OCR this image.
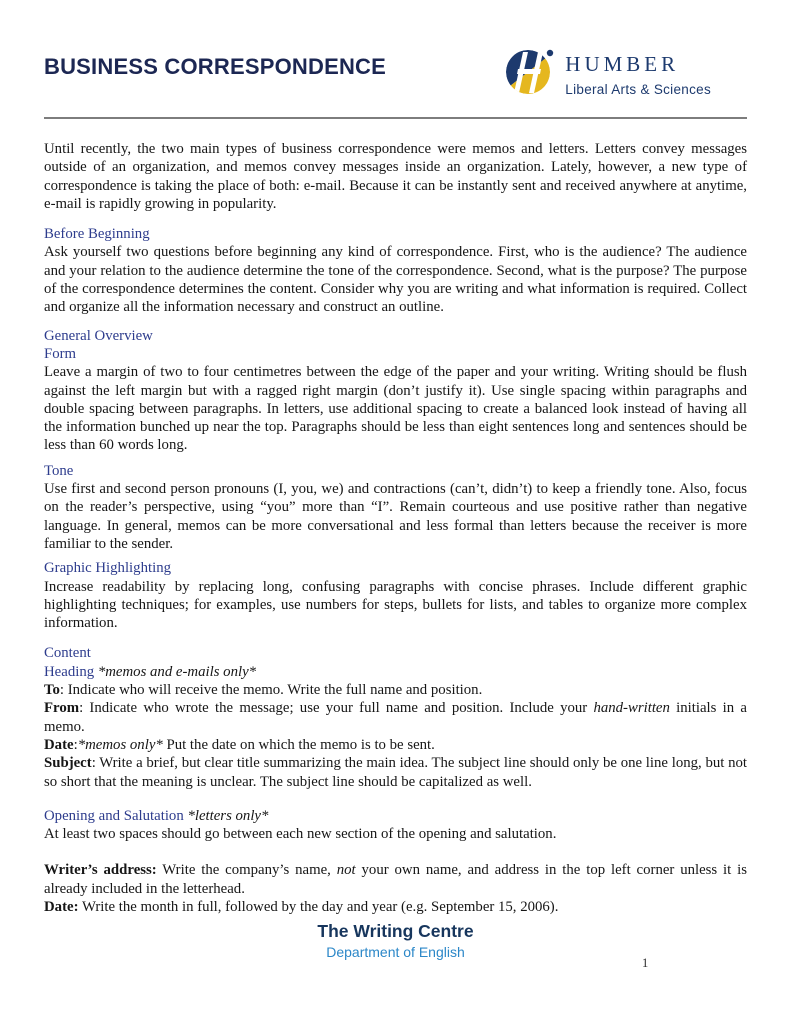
BUSINESS CORRESPONDENCE	HUMBER
Liberal Arts & Sciences

Until recently, the two main types of business correspondence were memos and letters. Letters convey messages outside of an organization, and memos convey messages inside an organization. Lately, however, a new type of correspondence is taking the place of both: e-mail. Because it can be instantly sent and received anywhere at anytime, e-mail is rapidly growing in popularity.

Before Beginning

Ask yourself two questions before beginning any kind of correspondence. First, who is the audience? The audience and your relation to the audience determine the tone of the correspondence. Second, what is the purpose? The purpose of the correspondence determines the content. Consider why you are writing and what information is required. Collect and organize all the information necessary and construct an outline.

General Overview

Form

Leave a margin of two to four centimetres between the edge of the paper and your writing. Writing should be flush against the left margin but with a ragged right margin (don’t justify it). Use single spacing within paragraphs and double spacing between paragraphs. In letters, use additional spacing to create a balanced look instead of having all the information bunched up near the top. Paragraphs should be less than eight sentences long and sentences should be less than 60 words long.

Tone

Use first and second person pronouns (I, you, we) and contractions (can’t, didn’t) to keep a friendly tone. Also, focus on the reader’s perspective, using “you” more than “I”. Remain courteous and use positive rather than negative language. In general, memos can be more conversational and less formal than letters because the receiver is more familiar to the sender.

Graphic Highlighting

Increase readability by replacing long, confusing paragraphs with concise phrases. Include different graphic highlighting techniques; for examples, use numbers for steps, bullets for lists, and tables to organize more complex information.

Content

Heading *memos and e-mails only*

To: Indicate who will receive the memo. Write the full name and position.

From: Indicate who wrote the message; use your full name and position. Include your hand-written initials in a memo.

Date:*memos only* Put the date on which the memo is to be sent.

Subject: Write a brief, but clear title summarizing the main idea. The subject line should only be one line long, but not so short that the meaning is unclear. The subject line should be capitalized as well.

Opening and Salutation *letters only*

At least two spaces should go between each new section of the opening and salutation.

Writer’s address: Write the company’s name, not your own name, and address in the top left corner unless it is already included in the letterhead.

Date: Write the month in full, followed by the day and year (e.g. September 15, 2006).

The Writing Centre
Department of English
1
